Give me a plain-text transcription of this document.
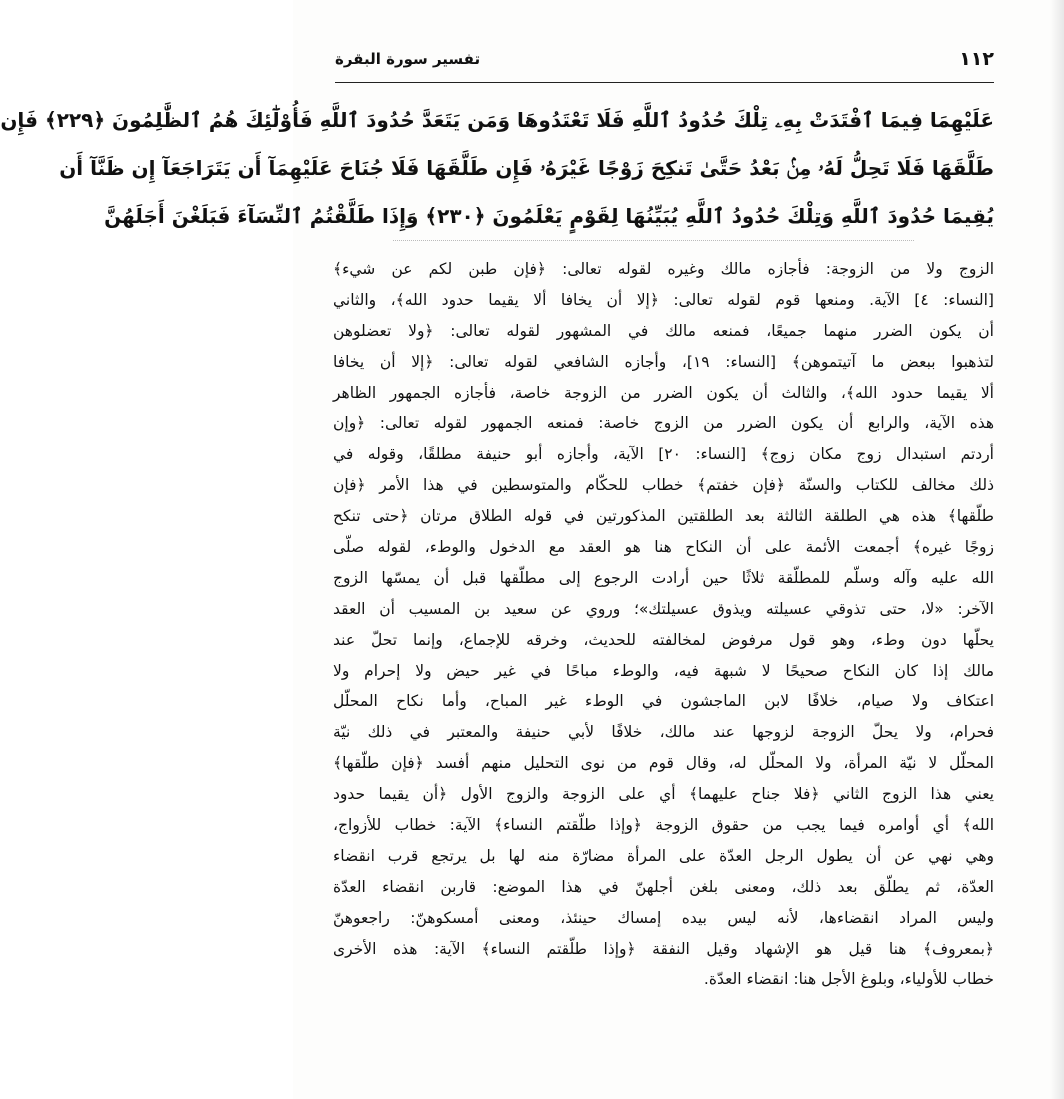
١١٢
تفسير سورة البقرة
عَلَيْهِمَا فِيمَا ٱفْتَدَتْ بِهِۦ تِلْكَ حُدُودُ ٱللَّهِ فَلَا تَعْتَدُوهَا وَمَن يَتَعَدَّ حُدُودَ ٱللَّهِ فَأُوْلَٰٓئِكَ هُمُ ٱلظَّٰلِمُونَ ﴿٢٢٩﴾ فَإِن
طَلَّقَهَا فَلَا تَحِلُّ لَهُۥ مِنۢ بَعْدُ حَتَّىٰ تَنكِحَ زَوْجًا غَيْرَهُۥ فَإِن طَلَّقَهَا فَلَا جُنَاحَ عَلَيْهِمَآ أَن يَتَرَاجَعَآ إِن ظَنَّآ أَن
يُقِيمَا حُدُودَ ٱللَّهِ وَتِلْكَ حُدُودُ ٱللَّهِ يُبَيِّنُهَا لِقَوْمٍ يَعْلَمُونَ ﴿٢٣٠﴾ وَإِذَا طَلَّقْتُمُ ٱلنِّسَآءَ فَبَلَغْنَ أَجَلَهُنَّ
الزوج ولا من الزوجة: فأجازه مالك وغيره لقوله تعالى: ﴿فإن طبن لكم عن شيء﴾
[النساء: ٤] الآية. ومنعها قوم لقوله تعالى: ﴿إلا أن يخافا ألا يقيما حدود الله﴾، والثاني
أن يكون الضرر منهما جميعًا، فمنعه مالك في المشهور لقوله تعالى: ﴿ولا تعضلوهن
لتذهبوا ببعض ما آتيتموهن﴾ [النساء: ١٩]، وأجازه الشافعي لقوله تعالى: ﴿إلا أن يخافا
ألا يقيما حدود الله﴾، والثالث أن يكون الضرر من الزوجة خاصة، فأجازه الجمهور الظاهر
هذه الآية، والرابع أن يكون الضرر من الزوج خاصة: فمنعه الجمهور لقوله تعالى: ﴿وإن
أردتم استبدال زوج مكان زوج﴾ [النساء: ٢٠] الآية، وأجازه أبو حنيفة مطلقًا، وقوله في
ذلك مخالف للكتاب والسنّة ﴿فإن خفتم﴾ خطاب للحكّام والمتوسطين في هذا الأمر ﴿فإن
طلّقها﴾ هذه هي الطلقة الثالثة بعد الطلقتين المذكورتين في قوله الطلاق مرتان ﴿حتى تنكح
زوجًا غيره﴾ أجمعت الأئمة على أن النكاح هنا هو العقد مع الدخول والوطء، لقوله صلّى
الله عليه وآله وسلّم للمطلّقة ثلاثًا حين أرادت الرجوع إلى مطلّقها قبل أن يمسّها الزوج
الآخر: «لا، حتى تذوقي عسيلته ويذوق عسيلتك»؛ وروي عن سعيد بن المسيب أن العقد
يحلّها دون وطء، وهو قول مرفوض لمخالفته للحديث، وخرقه للإجماع، وإنما تحلّ عند
مالك إذا كان النكاح صحيحًا لا شبهة فيه، والوطء مباحًا في غير حيض ولا إحرام ولا
اعتكاف ولا صيام، خلافًا لابن الماجشون في الوطء غير المباح، وأما نكاح المحلّل
فحرام، ولا يحلّ الزوجة لزوجها عند مالك، خلافًا لأبي حنيفة والمعتبر في ذلك نيّة
المحلّل لا نيّة المرأة، ولا المحلّل له، وقال قوم من نوى التحليل منهم أفسد ﴿فإن طلّقها﴾
يعني هذا الزوج الثاني ﴿فلا جناح عليهما﴾ أي على الزوجة والزوج الأول ﴿أن يقيما حدود
الله﴾ أي أوامره فيما يجب من حقوق الزوجة ﴿وإذا طلّقتم النساء﴾ الآية: خطاب للأزواج،
وهي نهي عن أن يطول الرجل العدّة على المرأة مضارّة منه لها بل يرتجع قرب انقضاء
العدّة، ثم يطلّق بعد ذلك، ومعنى بلغن أجلهنّ في هذا الموضع: قاربن انقضاء العدّة
وليس المراد انقضاءها، لأنه ليس بيده إمساك حينئذ، ومعنى أمسكوهنّ: راجعوهنّ
﴿بمعروف﴾ هنا قيل هو الإشهاد وقيل النفقة ﴿وإذا طلّقتم النساء﴾ الآية: هذه الأخرى
خطاب للأولياء، وبلوغ الأجل هنا: انقضاء العدّة.
